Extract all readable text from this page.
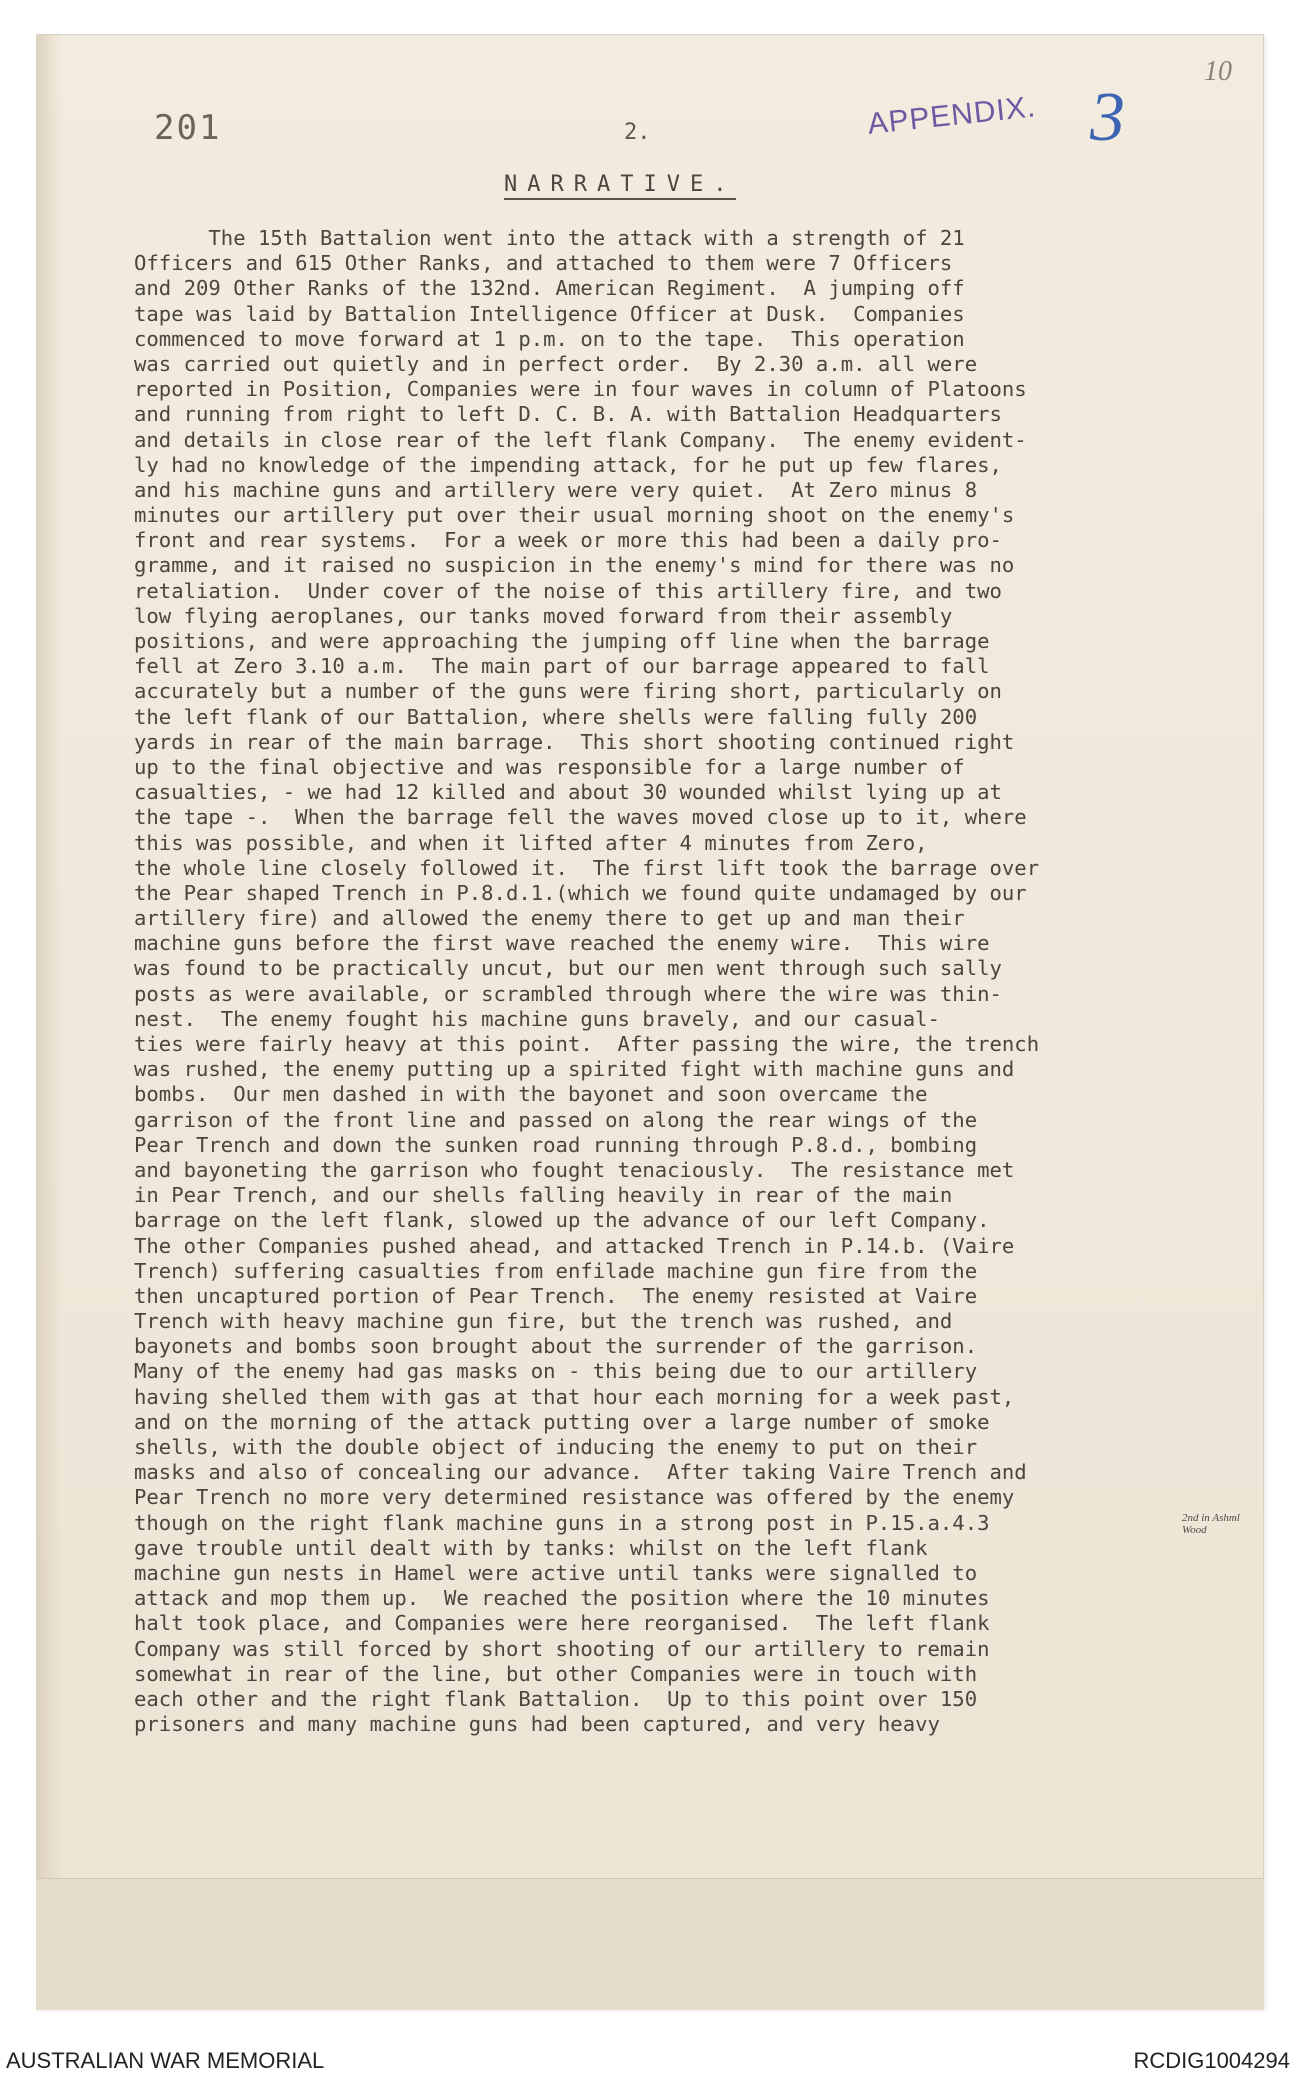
201	2.	APPENDIX. 3
10
NARRATIVE.
The 15th Battalion went into the attack with a strength of 21
Officers and 615 Other Ranks, and attached to them were 7 Officers
and 209 Other Ranks of the 132nd. American Regiment.  A jumping off
tape was laid by Battalion Intelligence Officer at Dusk.  Companies
commenced to move forward at 1 p.m. on to the tape.  This operation
was carried out quietly and in perfect order.  By 2.30 a.m. all were
reported in Position, Companies were in four waves in column of Platoons
and running from right to left D. C. B. A. with Battalion Headquarters
and details in close rear of the left flank Company.  The enemy evident-
ly had no knowledge of the impending attack, for he put up few flares,
and his machine guns and artillery were very quiet.  At Zero minus 8
minutes our artillery put over their usual morning shoot on the enemy's
front and rear systems.  For a week or more this had been a daily pro-
gramme, and it raised no suspicion in the enemy's mind for there was no
retaliation.  Under cover of the noise of this artillery fire, and two
low flying aeroplanes, our tanks moved forward from their assembly
positions, and were approaching the jumping off line when the barrage
fell at Zero 3.10 a.m.  The main part of our barrage appeared to fall
accurately but a number of the guns were firing short, particularly on
the left flank of our Battalion, where shells were falling fully 200
yards in rear of the main barrage.  This short shooting continued right
up to the final objective and was responsible for a large number of
casualties, - we had 12 killed and about 30 wounded whilst lying up at
the tape -.  When the barrage fell the waves moved close up to it, where
this was possible, and when it lifted after 4 minutes from Zero,
the whole line closely followed it.  The first lift took the barrage over
the Pear shaped Trench in P.8.d.1.(which we found quite undamaged by our
artillery fire) and allowed the enemy there to get up and man their
machine guns before the first wave reached the enemy wire.  This wire
was found to be practically uncut, but our men went through such sally
posts as were available, or scrambled through where the wire was thin-
nest.  The enemy fought his machine guns bravely, and our casual-
ties were fairly heavy at this point.  After passing the wire, the trench
was rushed, the enemy putting up a spirited fight with machine guns and
bombs.  Our men dashed in with the bayonet and soon overcame the
garrison of the front line and passed on along the rear wings of the
Pear Trench and down the sunken road running through P.8.d., bombing
and bayoneting the garrison who fought tenaciously.  The resistance met
in Pear Trench, and our shells falling heavily in rear of the main
barrage on the left flank, slowed up the advance of our left Company.
The other Companies pushed ahead, and attacked Trench in P.14.b. (Vaire
Trench) suffering casualties from enfilade machine gun fire from the
then uncaptured portion of Pear Trench.  The enemy resisted at Vaire
Trench with heavy machine gun fire, but the trench was rushed, and
bayonets and bombs soon brought about the surrender of the garrison.
Many of the enemy had gas masks on - this being due to our artillery
having shelled them with gas at that hour each morning for a week past,
and on the morning of the attack putting over a large number of smoke
shells, with the double object of inducing the enemy to put on their
masks and also of concealing our advance.  After taking Vaire Trench and
Pear Trench no more very determined resistance was offered by the enemy
though on the right flank machine guns in a strong post in P.15.a.4.3
gave trouble until dealt with by tanks: whilst on the left flank
machine gun nests in Hamel were active until tanks were signalled to
attack and mop them up.  We reached the position where the 10 minutes
halt took place, and Companies were here reorganised.  The left flank
Company was still forced by short shooting of our artillery to remain
somewhat in rear of the line, but other Companies were in touch with
each other and the right flank Battalion.  Up to this point over 150
prisoners and many machine guns had been captured, and very heavy
2nd in Ashml Wood
AUSTRALIAN WAR MEMORIAL	RCDIG1004294
